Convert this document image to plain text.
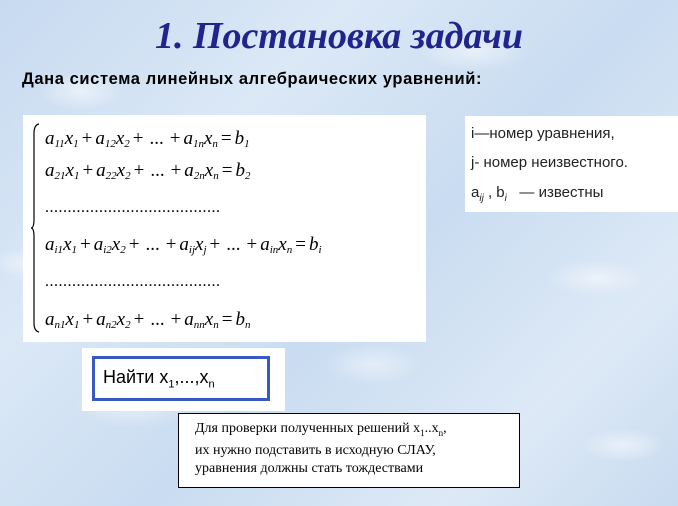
1. Постановка задачи
Дана система линейных алгебраических уравнений:
$a_{11}x_1 + a_{12}x_2$ + ... + $a_{1n}x_n = b_1$
$a_{21}x_1 + a_{22}x_2$ + ... + $a_{2n}x_n = b_2$
.......................................
$a_{i1}x_1 + a_{i2}x_2$ + ... + $a_{ij}x_j$ + ... + $a_{in}x_n = b_i$
.......................................
$a_{n1}x_1 + a_{n2}x_2$ + ... + $a_{nn}x_n = b_n$
i—номер уравнения,
j- номер неизвестного.
$a_{ij}$ , $b_i$ — известны
Найти $x_1,...,x_n$
Для проверки полученных решений $x_1..x_n$,
их нужно подставить в исходную СЛАУ,
уравнения должны стать тождествами
